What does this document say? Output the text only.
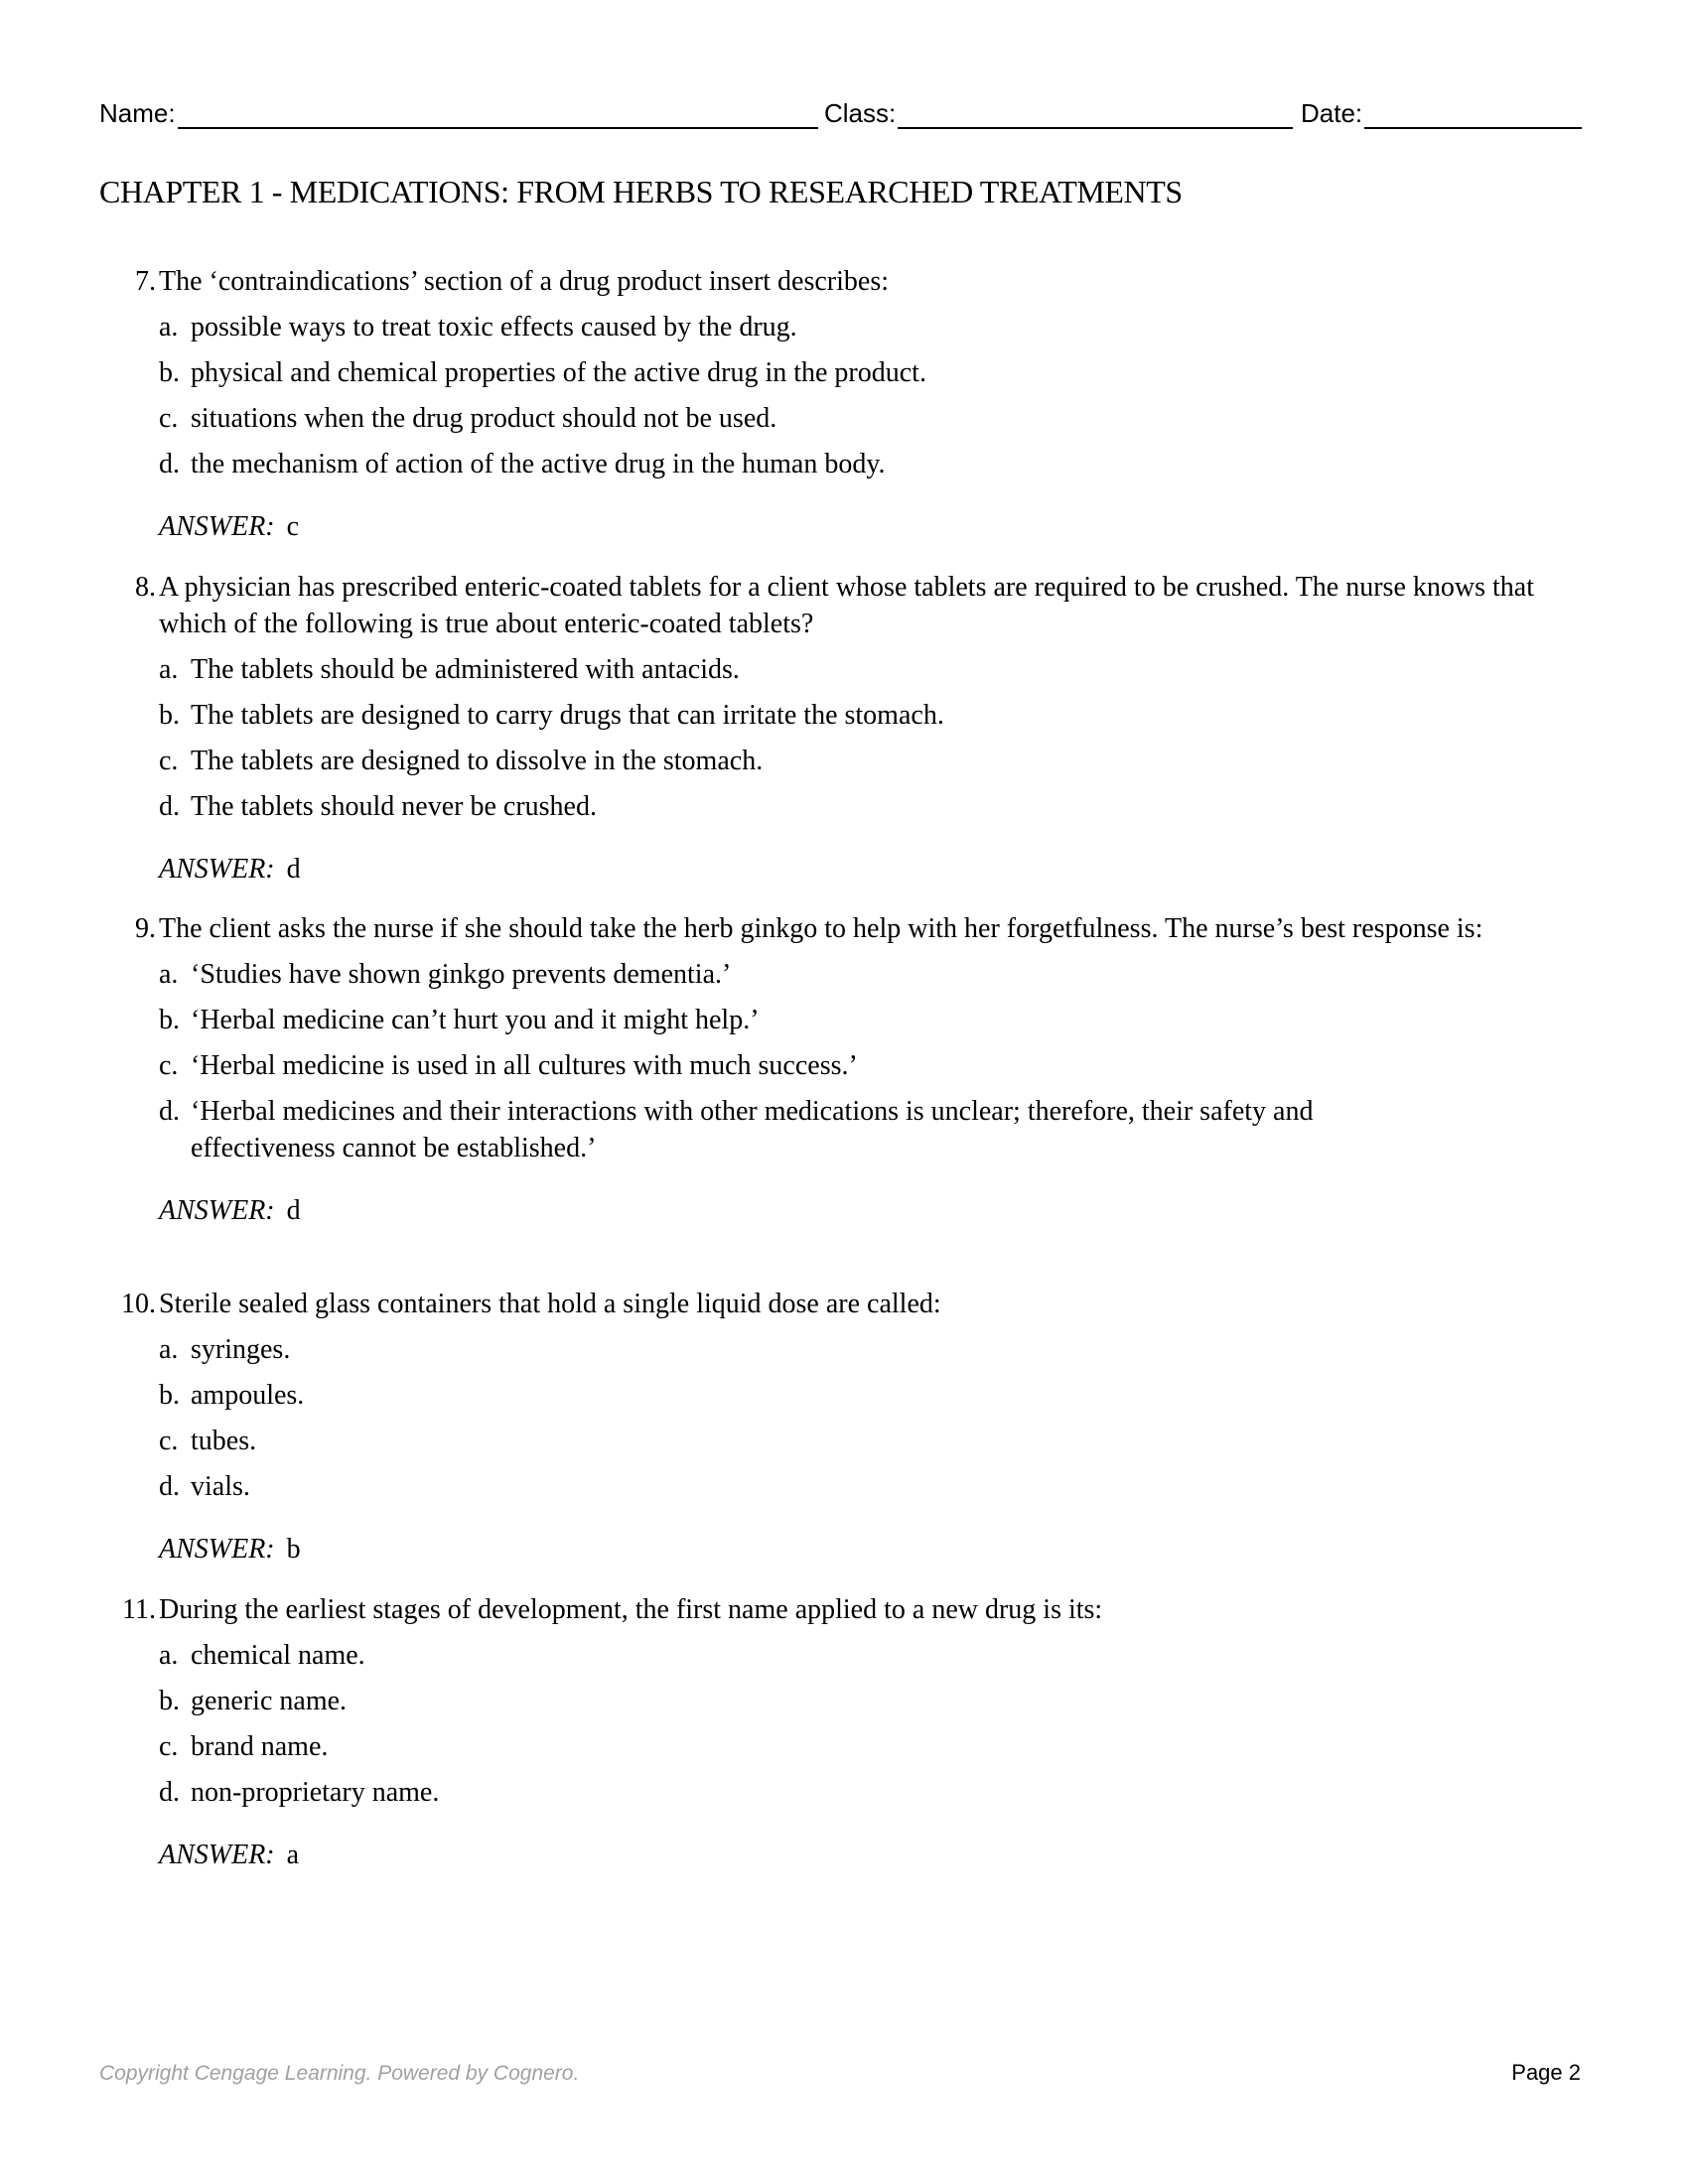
Name:	Class:	Date:
CHAPTER 1 - MEDICATIONS: FROM HERBS TO RESEARCHED TREATMENTS
7. The ‘contraindications’ section of a drug product insert describes:
a. possible ways to treat toxic effects caused by the drug.
b. physical and chemical properties of the active drug in the product.
c. situations when the drug product should not be used.
d. the mechanism of action of the active drug in the human body.
ANSWER: c
8. A physician has prescribed enteric-coated tablets for a client whose tablets are required to be crushed. The nurse knows that which of the following is true about enteric-coated tablets?
a. The tablets should be administered with antacids.
b. The tablets are designed to carry drugs that can irritate the stomach.
c. The tablets are designed to dissolve in the stomach.
d. The tablets should never be crushed.
ANSWER: d
9. The client asks the nurse if she should take the herb ginkgo to help with her forgetfulness. The nurse’s best response is:
a. ‘Studies have shown ginkgo prevents dementia.’
b. ‘Herbal medicine can’t hurt you and it might help.’
c. ‘Herbal medicine is used in all cultures with much success.’
d. ‘Herbal medicines and their interactions with other medications is unclear; therefore, their safety and effectiveness cannot be established.’
ANSWER: d
10. Sterile sealed glass containers that hold a single liquid dose are called:
a. syringes.
b. ampoules.
c. tubes.
d. vials.
ANSWER: b
11. During the earliest stages of development, the first name applied to a new drug is its:
a. chemical name.
b. generic name.
c. brand name.
d. non-proprietary name.
ANSWER: a
Copyright Cengage Learning. Powered by Cognero.	Page 2
